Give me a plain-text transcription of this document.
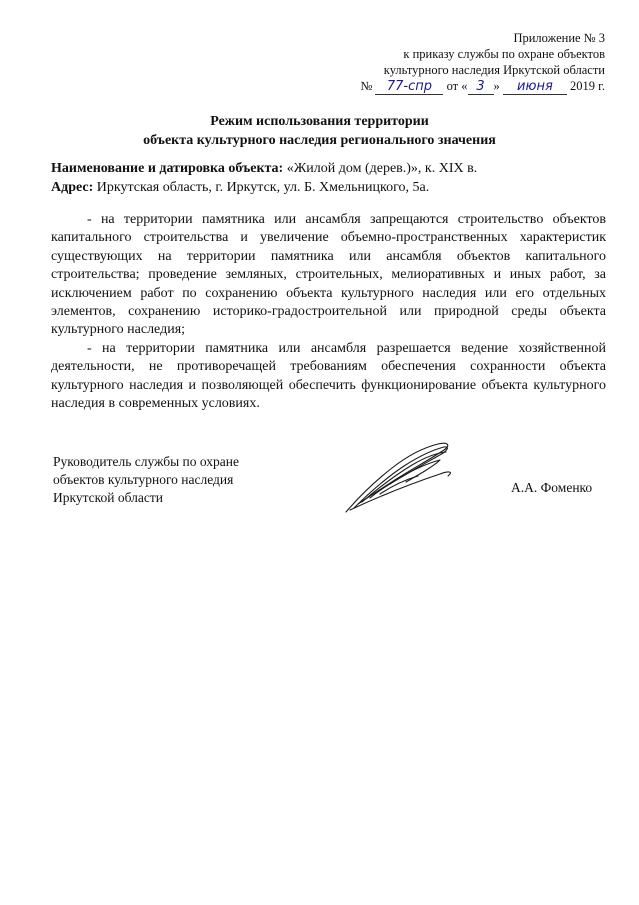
Приложение № 3
к приказу службы по охране объектов
культурного наследия Иркутской области
№ 77-спр от « 3 » июня 2019 г.
Режим использования территории
объекта культурного наследия регионального значения
Наименование и датировка объекта: «Жилой дом (дерев.)», к. XIX в.
Адрес: Иркутская область, г. Иркутск, ул. Б. Хмельницкого, 5а.

- на территории памятника или ансамбля запрещаются строительство объектов капитального строительства и увеличение объемно-пространственных характеристик существующих на территории памятника или ансамбля объектов капитального строительства; проведение земляных, строительных, мелиоративных и иных работ, за исключением работ по сохранению объекта культурного наследия или его отдельных элементов, сохранению историко-градостроительной или природной среды объекта культурного наследия;

- на территории памятника или ансамбля разрешается ведение хозяйственной деятельности, не противоречащей требованиям обеспечения сохранности объекта культурного наследия и позволяющей обеспечить функционирование объекта культурного наследия в современных условиях.

Руководитель службы по охране
объектов культурного наследия
Иркутской области
А.А. Фоменко
